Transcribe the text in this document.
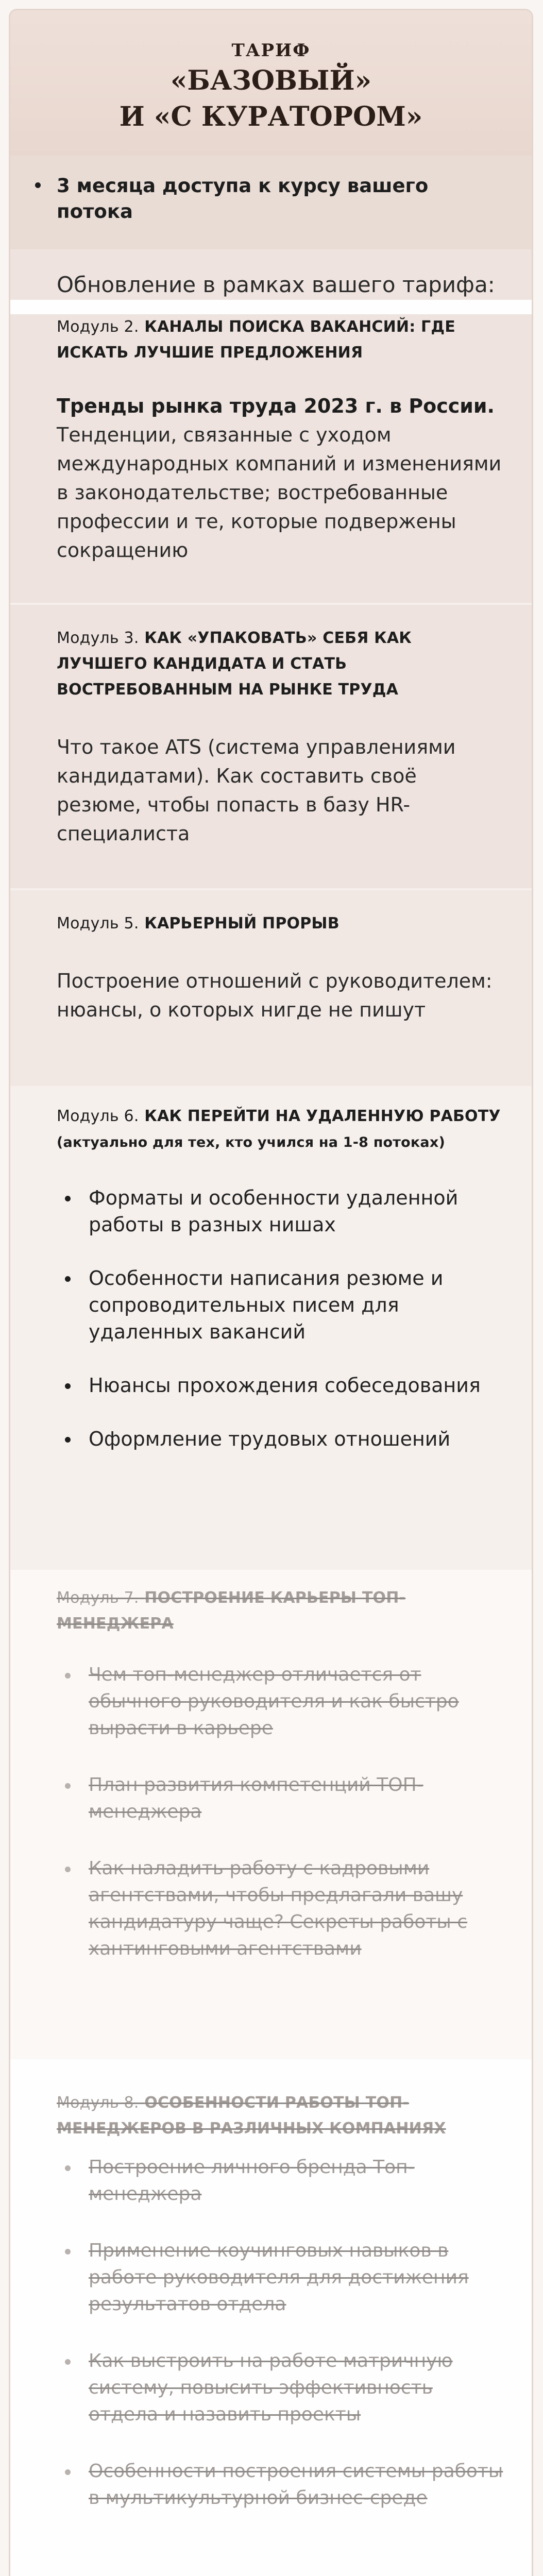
ТАРИФ
«БАЗОВЫЙ»
И «С КУРАТОРОМ»
3 месяца доступа к курсу вашего потока
Обновление в рамках вашего тарифа:
Модуль 2. КАНАЛЫ ПОИСКА ВАКАНСИЙ: ГДЕ ИСКАТЬ ЛУЧШИЕ ПРЕДЛОЖЕНИЯ
Тренды рынка труда 2023 г. в России.
Тенденции, связанные с уходом международных компаний и изменениями в законодательстве; востребованные профессии и те, которые подвержены сокращению
Модуль 3. КАК «УПАКОВАТЬ» СЕБЯ КАК ЛУЧШЕГО КАНДИДАТА И СТАТЬ ВОСТРЕБОВАННЫМ НА РЫНКЕ ТРУДА
Что такое ATS (система управлениями кандидатами). Как составить своё резюме, чтобы попасть в базу HR-специалиста
Модуль 5. КАРЬЕРНЫЙ ПРОРЫВ
Построение отношений с руководителем: нюансы, о которых нигде не пишут
Модуль 6. КАК ПЕРЕЙТИ НА УДАЛЕННУЮ РАБОТУ (актуально для тех, кто учился на 1-8 потоках)
Форматы и особенности удаленной работы в разных нишах
Особенности написания резюме и сопроводительных писем для удаленных вакансий
Нюансы прохождения собеседования
Оформление трудовых отношений
Модуль 7. ПОСТРОЕНИЕ КАРЬЕРЫ ТОП-МЕНЕДЖЕРА
Чем топ-менеджер отличается от обычного руководителя и как быстро вырасти в карьере
План развития компетенций ТОП-менеджера
Как наладить работу с кадровыми агентствами, чтобы предлагали вашу кандидатуру чаще? Секреты работы с хантинговыми агентствами
Модуль 8. ОСОБЕННОСТИ РАБОТЫ ТОП-МЕНЕДЖЕРОВ В РАЗЛИЧНЫХ КОМПАНИЯХ
Построение личного бренда Топ-менеджера
Применение коучинговых навыков в работе руководителя для достижения результатов отдела
Как выстроить на работе матричную систему, повысить эффективность отдела и назавить проекты
Особенности построения системы работы в мультикультурной бизнес-среде
